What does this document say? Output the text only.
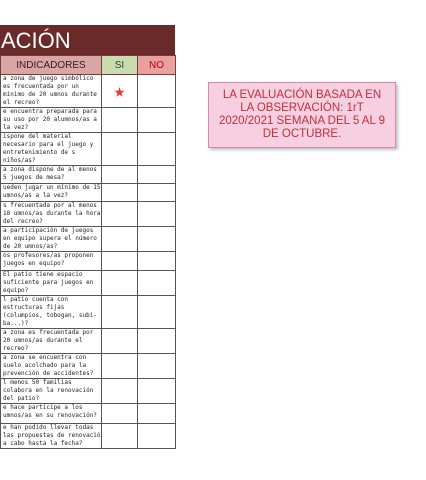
ACIÓN
INDICADORES	SI	NO
a zona de juego simbólico es frecuentada por un mínimo de 20 umnos durante el recreo?	★	
e encuentra preparada para su uso por 20 alumnos/as a la vez?		
ispone del material necesario para el juego y entretenimiento de s niños/as?		
a zona dispone de al menos 5 juegos de mesa?		
ueden jugar un mínimo de 15 umnos/as a la vez?		
s frecuentada por al menos 18 umnos/as durante la hora del recreo?		
a participación de juegos en equipo supera el número de 20 umnos/as?		
os profesores/as proponen juegos en equipo?		
El patio tiene espacio suficiente para juegos en equipo?		
l patio cuenta con estructuras fijas (columpios, tobogan, subi-ba...)?		
a zona es frecuentada por 20 umnos/as durante el recreo?		
a zona se encuentra con suelo acolchado para la prevención de accidentes?		
l menos 50 familias colabora en la renovación del patio?		
e hace participe a los umnos/as en su renovación?		
e han podido llevar todas las propuestas de renovació a cabo hasta la fecha?		
LA EVALUACIÓN BASADA EN LA OBSERVACIÓN: 1rT 2020/2021 SEMANA DEL 5 AL 9 DE OCTUBRE.
